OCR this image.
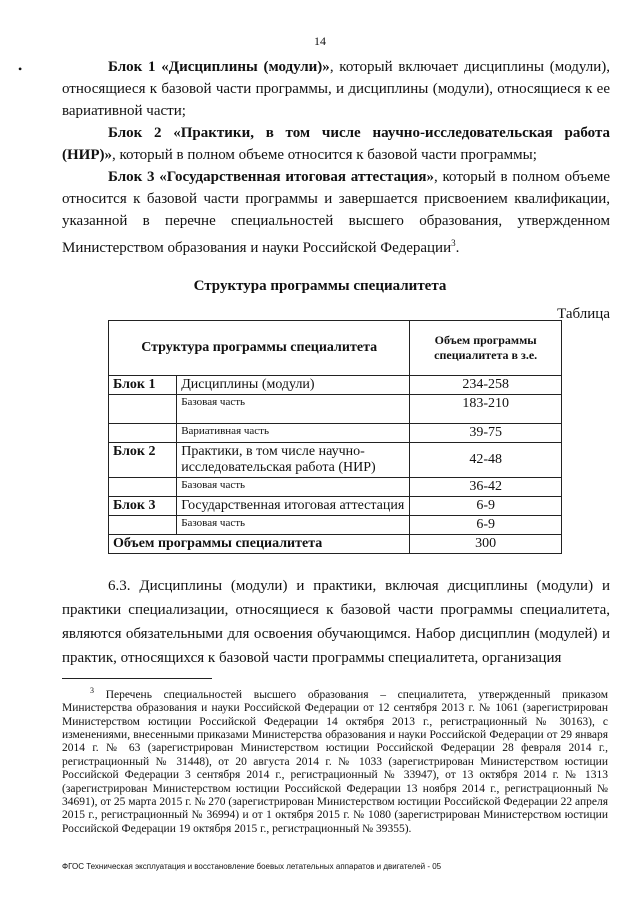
14
•	Блок 1 «Дисциплины (модули)», который включает дисциплины (модули), относящиеся к базовой части программы, и дисциплины (модули), относящиеся к ее вариативной части;

Блок 2 «Практики, в том числе научно-исследовательская работа (НИР)», который в полном объеме относится к базовой части программы;

Блок 3 «Государственная итоговая аттестация», который в полном объеме относится к базовой части программы и завершается присвоением квалификации, указанной в перечне специальностей высшего образования, утвержденном Министерством образования и науки Российской Федерации$^3$.

Структура программы специалитета
Таблица
Структура программы специалитета		Объем программы специалитета в з.е.
Блок 1	Дисциплины (модули)	234-258
	Базовая часть	183-210
	Вариативная часть	39-75
Блок 2	Практики, в том числе научно-исследовательская работа (НИР)	42-48
	Базовая часть	36-42
Блок 3	Государственная итоговая аттестация	6-9
	Базовая часть	6-9
Объем программы специалитета		300

6.3. Дисциплины (модули) и практики, включая дисциплины (модули) и практики специализации, относящиеся к базовой части программы специалитета, являются обязательными для освоения обучающимся. Набор дисциплин (модулей) и практик, относящихся к базовой части программы специалитета, организация

$^3$ Перечень специальностей высшего образования – специалитета, утвержденный приказом Министерства образования и науки Российской Федерации от 12 сентября 2013 г. № 1061 (зарегистрирован Министерством юстиции Российской Федерации 14 октября 2013 г., регистрационный № 30163), с изменениями, внесенными приказами Министерства образования и науки Российской Федерации от 29 января 2014 г. № 63 (зарегистрирован Министерством юстиции Российской Федерации 28 февраля 2014 г., регистрационный № 31448), от 20 августа 2014 г. № 1033 (зарегистрирован Министерством юстиции Российской Федерации 3 сентября 2014 г., регистрационный № 33947), от 13 октября 2014 г. № 1313 (зарегистрирован Министерством юстиции Российской Федерации 13 ноября 2014 г., регистрационный № 34691), от 25 марта 2015 г. № 270 (зарегистрирован Министерством юстиции Российской Федерации 22 апреля 2015 г., регистрационный № 36994) и от 1 октября 2015 г. № 1080 (зарегистрирован Министерством юстиции Российской Федерации 19 октября 2015 г., регистрационный № 39355).
ФГОС Техническая эксплуатация и восстановление боевых летательных аппаратов и двигателей - 05
